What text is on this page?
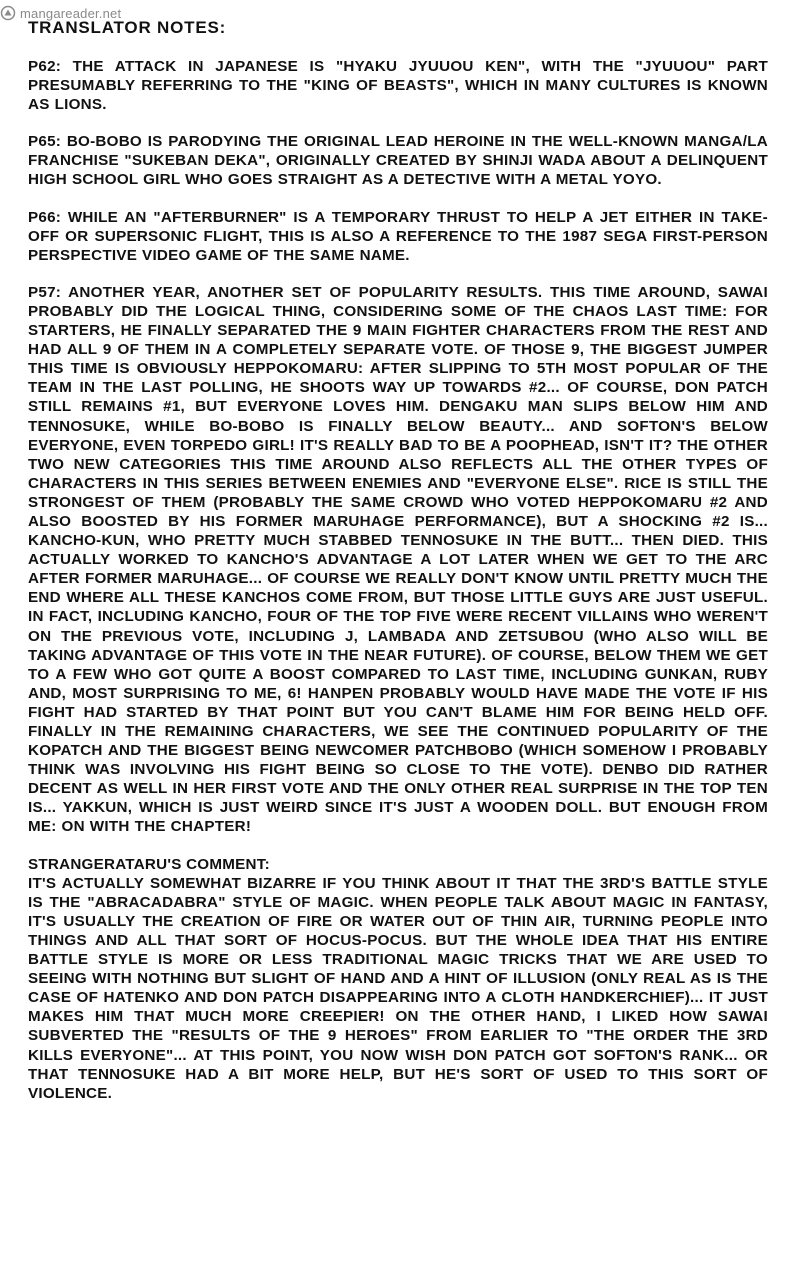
mangareader.net
TRANSLATOR NOTES:

P62: THE ATTACK IN JAPANESE IS "HYAKU JYUUOU KEN", WITH THE "JYUUOU" PART PRESUMABLY REFERRING TO THE "KING OF BEASTS", WHICH IN MANY CULTURES IS KNOWN AS LIONS.

P65: BO-BOBO IS PARODYING THE ORIGINAL LEAD HEROINE IN THE WELL-KNOWN MANGA/LA FRANCHISE "SUKEBAN DEKA", ORIGINALLY CREATED BY SHINJI WADA ABOUT A DELINQUENT HIGH SCHOOL GIRL WHO GOES STRAIGHT AS A DETECTIVE WITH A METAL YOYO.

P66: WHILE AN "AFTERBURNER" IS A TEMPORARY THRUST TO HELP A JET EITHER IN TAKE-OFF OR SUPERSONIC FLIGHT, THIS IS ALSO A REFERENCE TO THE 1987 SEGA FIRST-PERSON PERSPECTIVE VIDEO GAME OF THE SAME NAME.

P57: ANOTHER YEAR, ANOTHER SET OF POPULARITY RESULTS. THIS TIME AROUND, SAWAI PROBABLY DID THE LOGICAL THING, CONSIDERING SOME OF THE CHAOS LAST TIME: FOR STARTERS, HE FINALLY SEPARATED THE 9 MAIN FIGHTER CHARACTERS FROM THE REST AND HAD ALL 9 OF THEM IN A COMPLETELY SEPARATE VOTE. OF THOSE 9, THE BIGGEST JUMPER THIS TIME IS OBVIOUSLY HEPPOKOMARU: AFTER SLIPPING TO 5TH MOST POPULAR OF THE TEAM IN THE LAST POLLING, HE SHOOTS WAY UP TOWARDS #2... OF COURSE, DON PATCH STILL REMAINS #1, BUT EVERYONE LOVES HIM. DENGAKU MAN SLIPS BELOW HIM AND TENNOSUKE, WHILE BO-BOBO IS FINALLY BELOW BEAUTY... AND SOFTON'S BELOW EVERYONE, EVEN TORPEDO GIRL! IT'S REALLY BAD TO BE A POOPHEAD, ISN'T IT? THE OTHER TWO NEW CATEGORIES THIS TIME AROUND ALSO REFLECTS ALL THE OTHER TYPES OF CHARACTERS IN THIS SERIES BETWEEN ENEMIES AND "EVERYONE ELSE". RICE IS STILL THE STRONGEST OF THEM (PROBABLY THE SAME CROWD WHO VOTED HEPPOKOMARU #2 AND ALSO BOOSTED BY HIS FORMER MARUHAGE PERFORMANCE), BUT A SHOCKING #2 IS... KANCHO-KUN, WHO PRETTY MUCH STABBED TENNOSUKE IN THE BUTT... THEN DIED. THIS ACTUALLY WORKED TO KANCHO'S ADVANTAGE A LOT LATER WHEN WE GET TO THE ARC AFTER FORMER MARUHAGE... OF COURSE WE REALLY DON'T KNOW UNTIL PRETTY MUCH THE END WHERE ALL THESE KANCHOS COME FROM, BUT THOSE LITTLE GUYS ARE JUST USEFUL. IN FACT, INCLUDING KANCHO, FOUR OF THE TOP FIVE WERE RECENT VILLAINS WHO WEREN'T ON THE PREVIOUS VOTE, INCLUDING J, LAMBADA AND ZETSUBOU (WHO ALSO WILL BE TAKING ADVANTAGE OF THIS VOTE IN THE NEAR FUTURE). OF COURSE, BELOW THEM WE GET TO A FEW WHO GOT QUITE A BOOST COMPARED TO LAST TIME, INCLUDING GUNKAN, RUBY AND, MOST SURPRISING TO ME, 6! HANPEN PROBABLY WOULD HAVE MADE THE VOTE IF HIS FIGHT HAD STARTED BY THAT POINT BUT YOU CAN'T BLAME HIM FOR BEING HELD OFF. FINALLY IN THE REMAINING CHARACTERS, WE SEE THE CONTINUED POPULARITY OF THE KOPATCH AND THE BIGGEST BEING NEWCOMER PATCHBOBO (WHICH SOMEHOW I PROBABLY THINK WAS INVOLVING HIS FIGHT BEING SO CLOSE TO THE VOTE). DENBO DID RATHER DECENT AS WELL IN HER FIRST VOTE AND THE ONLY OTHER REAL SURPRISE IN THE TOP TEN IS... YAKKUN, WHICH IS JUST WEIRD SINCE IT'S JUST A WOODEN DOLL. BUT ENOUGH FROM ME: ON WITH THE CHAPTER!

STRANGERATARU'S COMMENT:

IT'S ACTUALLY SOMEWHAT BIZARRE IF YOU THINK ABOUT IT THAT THE 3RD'S BATTLE STYLE IS THE "ABRACADABRA" STYLE OF MAGIC. WHEN PEOPLE TALK ABOUT MAGIC IN FANTASY, IT'S USUALLY THE CREATION OF FIRE OR WATER OUT OF THIN AIR, TURNING PEOPLE INTO THINGS AND ALL THAT SORT OF HOCUS-POCUS. BUT THE WHOLE IDEA THAT HIS ENTIRE BATTLE STYLE IS MORE OR LESS TRADITIONAL MAGIC TRICKS THAT WE ARE USED TO SEEING WITH NOTHING BUT SLIGHT OF HAND AND A HINT OF ILLUSION (ONLY REAL AS IS THE CASE OF HATENKO AND DON PATCH DISAPPEARING INTO A CLOTH HANDKERCHIEF)... IT JUST MAKES HIM THAT MUCH MORE CREEPIER! ON THE OTHER HAND, I LIKED HOW SAWAI SUBVERTED THE "RESULTS OF THE 9 HEROES" FROM EARLIER TO "THE ORDER THE 3RD KILLS EVERYONE"... AT THIS POINT, YOU NOW WISH DON PATCH GOT SOFTON'S RANK... OR THAT TENNOSUKE HAD A BIT MORE HELP, BUT HE'S SORT OF USED TO THIS SORT OF VIOLENCE.
